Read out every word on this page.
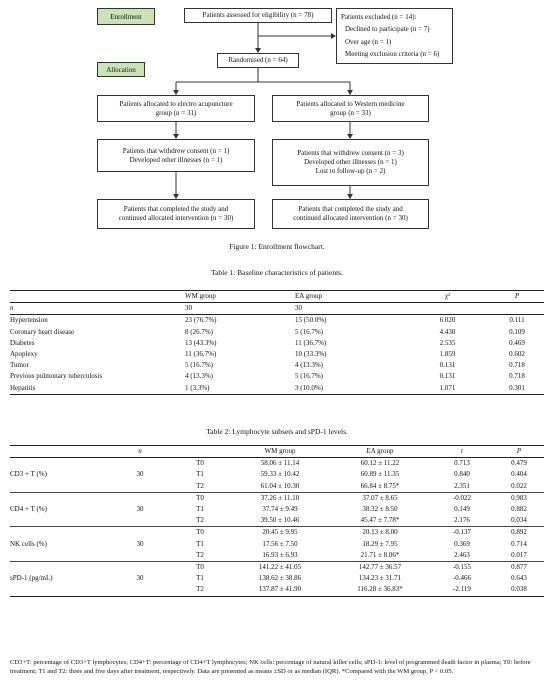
Enrollment
Allocation
Patients assessed for eligibility (n = 78)	Patients excluded (n = 14):
Declined to participate (n = 7)
Over age (n = 1)
Meeting exclusion criteria (n = 6)
Randomised (n = 64)
Patients allocated to electro acupuncture
group (n = 31)
Patients allocated to Western medicine
group (n = 33)
Patients that withdrew consent (n = 1)
Developed other illnesses (n = 1)
Patients that withdrew consent (n = 3)
Developed other illnesses (n = 1)
Lost to follow-up (n = 2)
Patients that completed the study and
continued allocated intervention (n = 30)
Patients that completed the study and
continued allocated intervention (n = 30)
Figure 1: Enrollment flowchart.
Table 1: Baseline characteristics of patients.
	WM group	EA group	χ²	P
n	30	30		
Hypertension	23 (76.7%)	15 (50.0%)	6.020	0.111
Coronary heart disease	8 (26.7%)	5 (16.7%)	4.430	0.109
Diabetes	13 (43.3%)	11 (36.7%)	2.535	0.469
Apoplexy	11 (36.7%)	10 (33.3%)	1.859	0.602
Tumor	5 (16.7%)	4 (13.3%)	0.131	0.718
Previous pulmonary tuberculosis	4 (13.3%)	5 (16.7%)	0.131	0.718
Hepatitis	1 (3.3%)	3 (10.0%)	1.071	0.301
Table 2: Lymphocyte subsets and sPD-1 levels.
	n		WM group	EA group	t	P
		T0	58.06 ± 11.14	60.12 ± 11.22	0.713	0.479
CD3 + T (%)	30	T1	59.33 ± 10.42	60.89 ± 11.35	0.840	0.404
		T2	61.04 ± 10.30	66.84 ± 8.75*	2.351	0.022
		T0	37.26 ± 11.10	37.07 ± 8.65	-0.022	0.983
CD4 + T (%)	30	T1	37.74 ± 9.49	38.32 ± 8.50	0.149	0.882
		T2	39.50 ± 10.46	45.47 ± 7.78*	2.176	0.034
		T0	20.45 ± 9.95	20.13 ± 8.00	-0.137	0.892
NK cells (%)	30	T1	17.56 ± 7.50	18.29 ± 7.95	0.369	0.714
		T2	16.93 ± 6.93	21.71 ± 8.06*	2.463	0.017
		T0	141.22 ± 41.05	142.77 ± 36.57	-0.155	0.877
sPD-1 (pg/mL)	30	T1	138.62 ± 38.86	134.23 ± 31.71	-0.466	0.643
		T2	137.87 ± 41.90	116.28 ± 36.83*	-2.119	0.038
CD3+T: percentage of CD3+T lymphocytes; CD4+T: percentage of CD4+T lymphocytes; NK cells: percentage of natural killer cells; sPD-1: level of programmed death factor in plasma; T0: before treatment; T1 and T2: three and five days after treatment, respectively. Data are presented as means ±SD or as median (IQR). *Compared with the WM group, P < 0.05.
